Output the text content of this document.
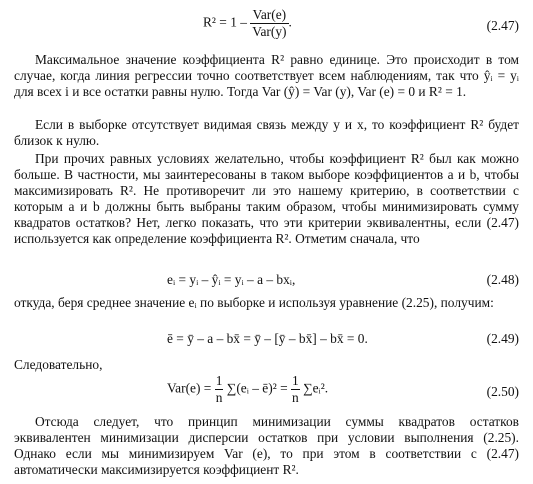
$R^2 = 1 - \frac{\text{Var(e)}}{\text{Var(y)}}$ .	(2.47)

Максимальное значение коэффициента R² равно единице. Это происходит в том случае, когда линия регрессии точно соответствует всем наблюдениям, так что ŷᵢ = yᵢ для всех i и все остатки равны нулю. Тогда Var (ŷ) = Var (y), Var (e) = 0 и R² = 1.

Если в выборке отсутствует видимая связь между y и x, то коэффициент R² будет близок к нулю.

При прочих равных условиях желательно, чтобы коэффициент R² был как можно больше. В частности, мы заинтересованы в таком выборе коэффициентов a и b, чтобы максимизировать R². Не противоречит ли это нашему критерию, в соответствии с которым a и b должны быть выбраны таким образом, чтобы минимизировать сумму квадратов остатков? Нет, легко показать, что эти критерии эквивалентны, если (2.47) используется как определение коэффициента R². Отметим сначала, что

eᵢ = yᵢ – ŷᵢ = yᵢ – a – bxᵢ,	(2.48)

откуда, беря среднее значение eᵢ по выборке и используя уравнение (2.25), получим:

ē = ȳ – a – bx̄ = ȳ – [ȳ – bx̄] – bx̄ = 0.	(2.49)

Следовательно,

$Var(e) = \frac{1}{n}$ ∑(eᵢ – ē)² = $\frac{1}{n}$ ∑eᵢ².	(2.50)

Отсюда следует, что принцип минимизации суммы квадратов остатков эквивалентен минимизации дисперсии остатков при условии выполнения (2.25). Однако если мы минимизируем Var (e), то при этом в соответствии с (2.47) автоматически максимизируется коэффициент R².
